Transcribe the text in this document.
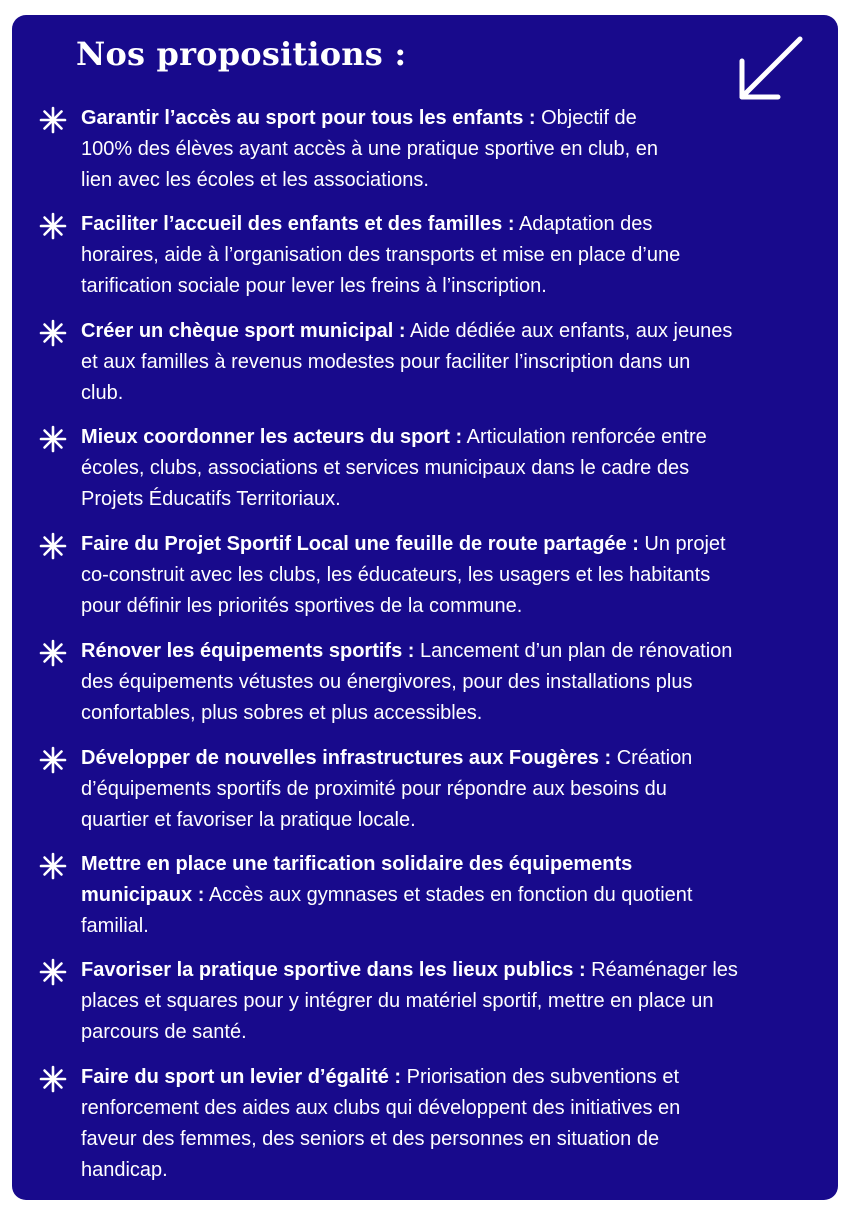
Nos propositions :

Garantir l’accès au sport pour tous les enfants : Objectif de
100% des élèves ayant accès à une pratique sportive en club, en
lien avec les écoles et les associations.

Faciliter l’accueil des enfants et des familles : Adaptation des
horaires, aide à l’organisation des transports et mise en place d’une
tarification sociale pour lever les freins à l’inscription.

Créer un chèque sport municipal : Aide dédiée aux enfants, aux jeunes
et aux familles à revenus modestes pour faciliter l’inscription dans un
club.

Mieux coordonner les acteurs du sport : Articulation renforcée entre
écoles, clubs, associations et services municipaux dans le cadre des
Projets Éducatifs Territoriaux.

Faire du Projet Sportif Local une feuille de route partagée : Un projet
co-construit avec les clubs, les éducateurs, les usagers et les habitants
pour définir les priorités sportives de la commune.

Rénover les équipements sportifs : Lancement d’un plan de rénovation
des équipements vétustes ou énergivores, pour des installations plus
confortables, plus sobres et plus accessibles.

Développer de nouvelles infrastructures aux Fougères : Création
d’équipements sportifs de proximité pour répondre aux besoins du
quartier et favoriser la pratique locale.

Mettre en place une tarification solidaire des équipements
municipaux : Accès aux gymnases et stades en fonction du quotient
familial.

Favoriser la pratique sportive dans les lieux publics : Réaménager les
places et squares pour y intégrer du matériel sportif, mettre en place un
parcours de santé.

Faire du sport un levier d’égalité : Priorisation des subventions et
renforcement des aides aux clubs qui développent des initiatives en
faveur des femmes, des seniors et des personnes en situation de
handicap.
